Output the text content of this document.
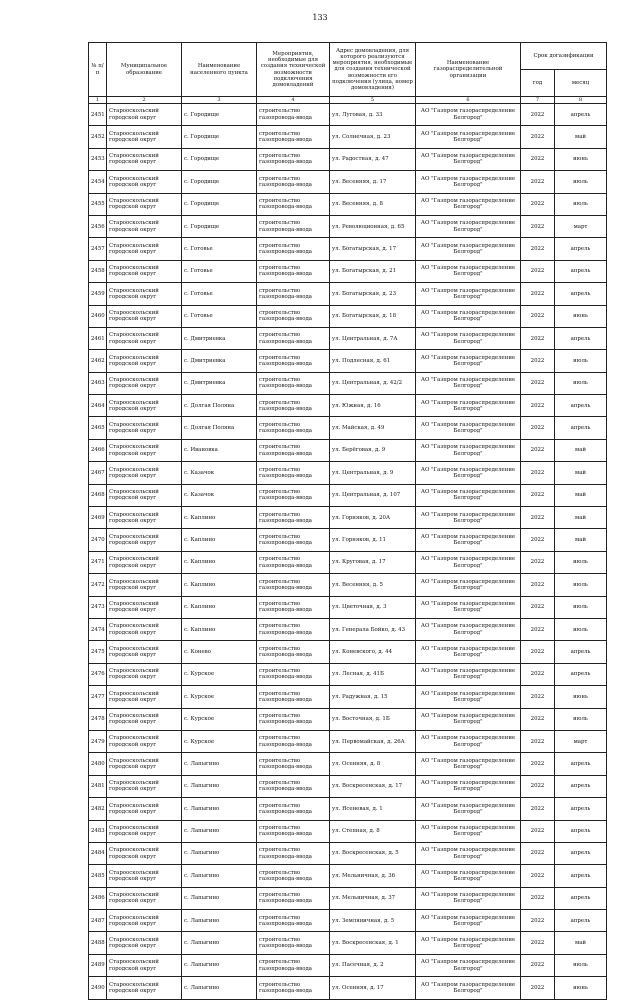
133
№ п/п	Муниципальное образование	Наименование населенного пункта	Мероприятия, необходимые для создания технической возможности подключения домовладений	Адрес домовладения, для которого реализуются мероприятия, необходимые для создания технической возможности его подключения (улица, номер домовладения)	Наименование газораспределительной организации	Срок догазификации	
						год	месяц
1	2	3	4	5	6	7	8
2451	Старооскольский городской округ	с. Городище	строительство газопровода-ввода	ул. Луговая, д. 33	АО "Газпром газораспределение Белгород"	2022	апрель
2452	Старооскольский городской округ	с. Городище	строительство газопровода-ввода	ул. Солнечная, д. 23	АО "Газпром газораспределение Белгород"	2022	май
2453	Старооскольский городской округ	с. Городище	строительство газопровода-ввода	ул. Радостная, д. 47	АО "Газпром газораспределение Белгород"	2022	июнь
2454	Старооскольский городской округ	с. Городище	строительство газопровода-ввода	ул. Весенняя, д. 17	АО "Газпром газораспределение Белгород"	2022	июль
2455	Старооскольский городской округ	с. Городище	строительство газопровода-ввода	ул. Весенняя, д. 8	АО "Газпром газораспределение Белгород"	2022	июль
2456	Старооскольский городской округ	с. Городище	строительство газопровода-ввода	ул. Революционная, д. 65	АО "Газпром газораспределение Белгород"	2022	март
2457	Старооскольский городской округ	с. Готовье	строительство газопровода-ввода	ул. Богатырская, д. 17	АО "Газпром газораспределение Белгород"	2022	апрель
2458	Старооскольский городской округ	с. Готовье	строительство газопровода-ввода	ул. Богатырская, д. 21	АО "Газпром газораспределение Белгород"	2022	апрель
2459	Старооскольский городской округ	с. Готовье	строительство газопровода-ввода	ул. Богатырская, д. 23	АО "Газпром газораспределение Белгород"	2022	апрель
2460	Старооскольский городской округ	с. Готовье	строительство газопровода-ввода	ул. Богатырская, д. 18	АО "Газпром газораспределение Белгород"	2022	июнь
2461	Старооскольский городской округ	с. Дмитриевка	строительство газопровода-ввода	ул. Центральная, д. 7А	АО "Газпром газораспределение Белгород"	2022	апрель
2462	Старооскольский городской округ	с. Дмитриевка	строительство газопровода-ввода	ул. Подлесная, д. 61	АО "Газпром газораспределение Белгород"	2022	июль
2463	Старооскольский городской округ	с. Дмитриевка	строительство газопровода-ввода	ул. Центральная, д. 42/2	АО "Газпром газораспределение Белгород"	2022	июль
2464	Старооскольский городской округ	с. Долгая Поляна	строительство газопровода-ввода	ул. Южная, д. 16	АО "Газпром газораспределение Белгород"	2022	апрель
2465	Старооскольский городской округ	с. Долгая Поляна	строительство газопровода-ввода	ул. Майская, д. 49	АО "Газпром газораспределение Белгород"	2022	апрель
2466	Старооскольский городской округ	с. Ивановка	строительство газопровода-ввода	ул. Берёговая, д. 9	АО "Газпром газораспределение Белгород"	2022	май
2467	Старооскольский городской округ	с. Казачок	строительство газопровода-ввода	ул. Центральная, д. 9	АО "Газпром газораспределение Белгород"	2022	май
2468	Старооскольский городской округ	с. Казачок	строительство газопровода-ввода	ул. Центральная, д. 107	АО "Газпром газораспределение Белгород"	2022	май
2469	Старооскольский городской округ	с. Каплино	строительство газопровода-ввода	ул. Горняков, д. 20А	АО "Газпром газораспределение Белгород"	2022	май
2470	Старооскольский городской округ	с. Каплино	строительство газопровода-ввода	ул. Горняков, д. 11	АО "Газпром газораспределение Белгород"	2022	май
2471	Старооскольский городской округ	с. Каплино	строительство газопровода-ввода	ул. Круговая, д. 17	АО "Газпром газораспределение Белгород"	2022	июль
2472	Старооскольский городской округ	с. Каплино	строительство газопровода-ввода	ул. Весенняя, д. 5	АО "Газпром газораспределение Белгород"	2022	июль
2473	Старооскольский городской округ	с. Каплино	строительство газопровода-ввода	ул. Цветочная, д. 3	АО "Газпром газораспределение Белгород"	2022	июль
2474	Старооскольский городской округ	с. Каплино	строительство газопровода-ввода	ул. Генерала Бойко, д. 43	АО "Газпром газораспределение Белгород"	2022	июль
2475	Старооскольский городской округ	с. Конево	строительство газопровода-ввода	ул. Коневского, д. 44	АО "Газпром газораспределение Белгород"	2022	апрель
2476	Старооскольский городской округ	с. Курское	строительство газопровода-ввода	ул. Лесная, д. 41Б	АО "Газпром газораспределение Белгород"	2022	апрель
2477	Старооскольский городской округ	с. Курское	строительство газопровода-ввода	ул. Радужная, д. 15	АО "Газпром газораспределение Белгород"	2022	июнь
2478	Старооскольский городской округ	с. Курское	строительство газопровода-ввода	ул. Восточная, д. 1Б	АО "Газпром газораспределение Белгород"	2022	июль
2479	Старооскольский городской округ	с. Курское	строительство газопровода-ввода	ул. Первомайская, д. 26А	АО "Газпром газораспределение Белгород"	2022	март
2480	Старооскольский городской округ	с. Лапыгино	строительство газопровода-ввода	ул. Осенняя, д. 8	АО "Газпром газораспределение Белгород"	2022	апрель
2481	Старооскольский городской округ	с. Лапыгино	строительство газопровода-ввода	ул. Воскресенская, д. 17	АО "Газпром газораспределение Белгород"	2022	апрель
2482	Старооскольский городской округ	с. Лапыгино	строительство газопровода-ввода	ул. Ясеневая, д. 1	АО "Газпром газораспределение Белгород"	2022	апрель
2483	Старооскольский городской округ	с. Лапыгино	строительство газопровода-ввода	ул. Степная, д. 8	АО "Газпром газораспределение Белгород"	2022	апрель
2484	Старооскольский городской округ	с. Лапыгино	строительство газопровода-ввода	ул. Воскресенская, д. 5	АО "Газпром газораспределение Белгород"	2022	апрель
2485	Старооскольский городской округ	с. Лапыгино	строительство газопровода-ввода	ул. Мельничная, д. 36	АО "Газпром газораспределение Белгород"	2022	апрель
2486	Старооскольский городской округ	с. Лапыгино	строительство газопровода-ввода	ул. Мельничная, д. 37	АО "Газпром газораспределение Белгород"	2022	апрель
2487	Старооскольский городской округ	с. Лапыгино	строительство газопровода-ввода	ул. Земляничная, д. 5	АО "Газпром газораспределение Белгород"	2022	апрель
2488	Старооскольский городской округ	с. Лапыгино	строительство газопровода-ввода	ул. Воскресенская, д. 1	АО "Газпром газораспределение Белгород"	2022	май
2489	Старооскольский городской округ	с. Лапыгино	строительство газопровода-ввода	ул. Пасечная, д. 2	АО "Газпром газораспределение Белгород"	2022	июль
2490	Старооскольский городской округ	с. Лапыгино	строительство газопровода-ввода	ул. Осенняя, д. 17	АО "Газпром газораспределение Белгород"	2022	июнь
